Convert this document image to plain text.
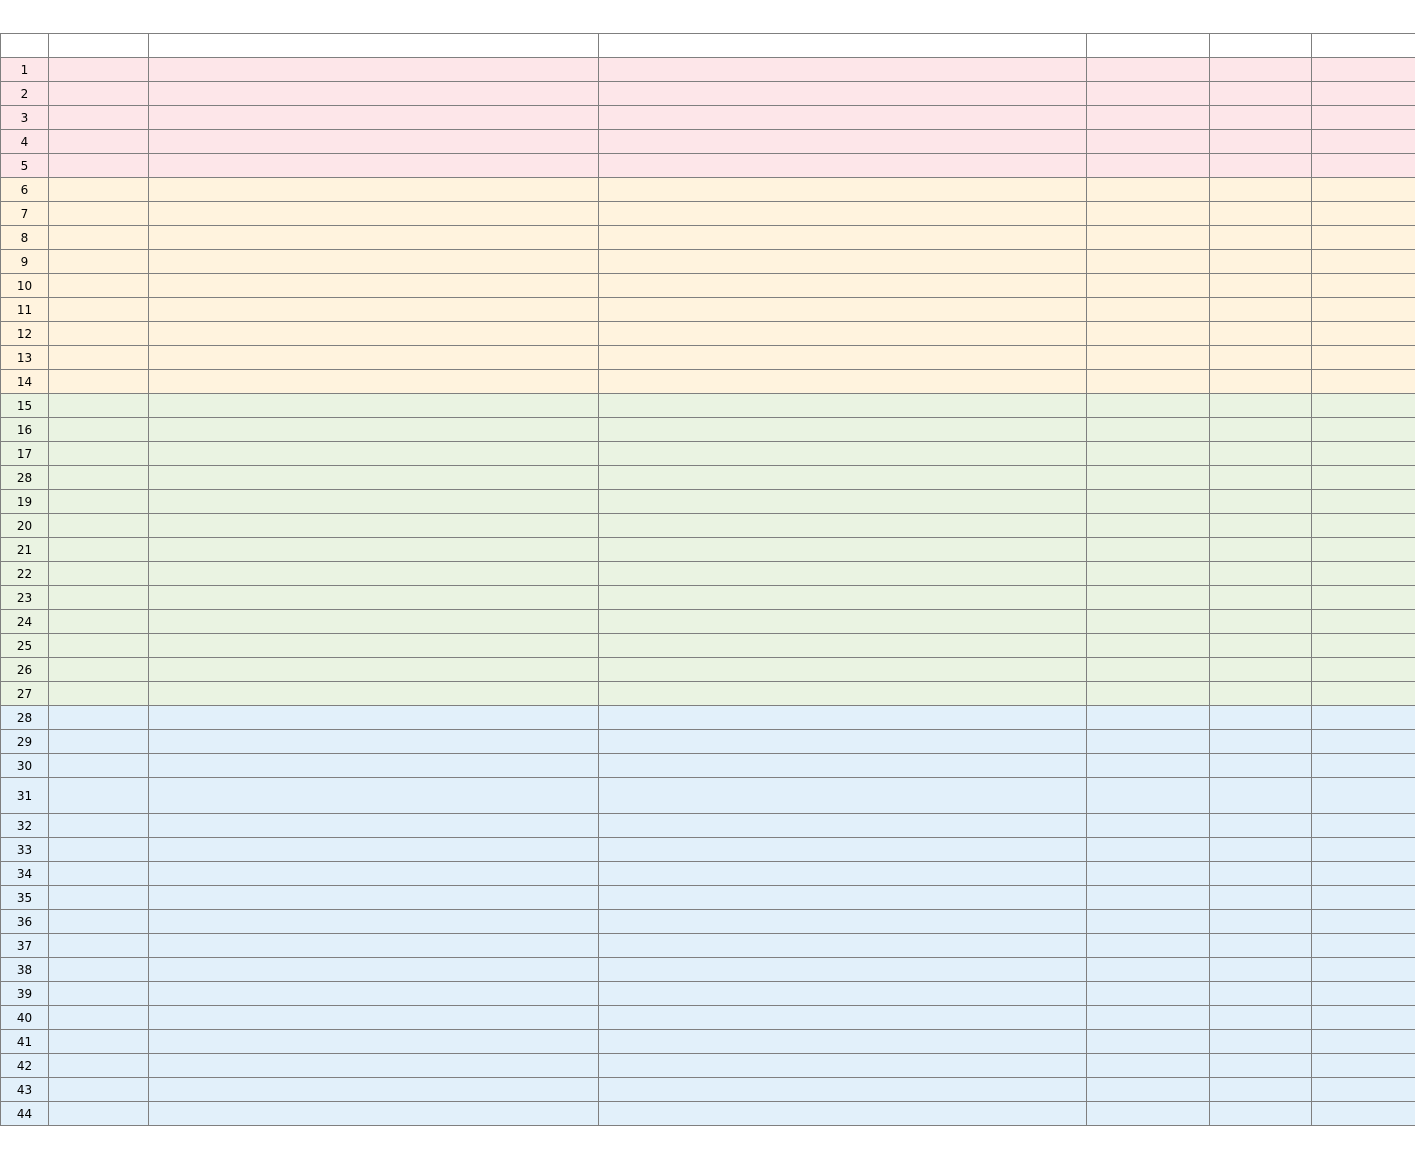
1						
2						
3						
4						
5						
6						
7						
8						
9						
10						
11						
12						
13						
14						
15						
16						
17						
28						
19						
20						
21						
22						
23						
24						
25						
26						
27						
28						
29						
30						
31						
32						
33						
34						
35						
36						
37						
38						
39						
40						
41						
42						
43						
44						
